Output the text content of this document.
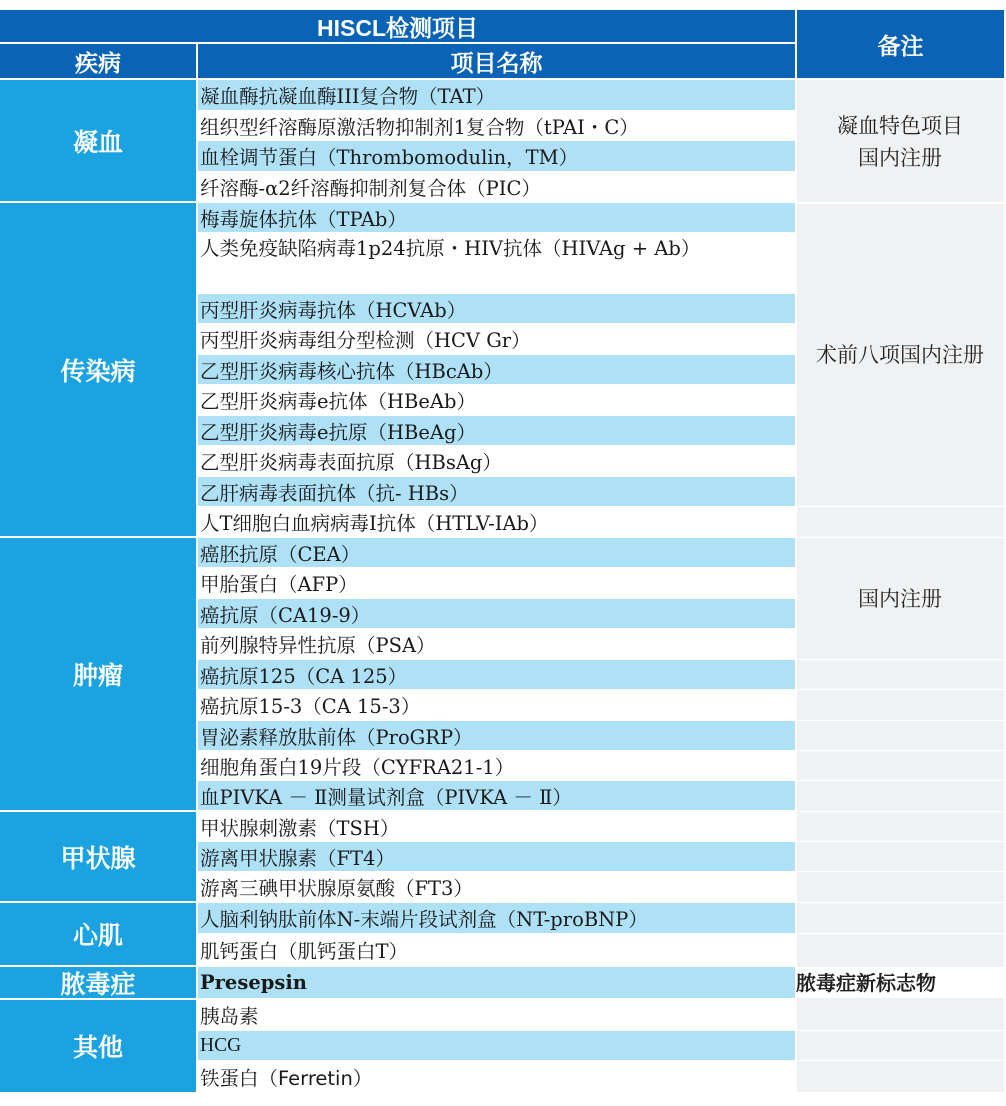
HISCL检测项目
疾病	项目名称
备注
凝血
传染病
肿瘤
甲状腺
心肌
脓毒症
其他
凝血酶抗凝血酶III复合物（TAT）
组织型纤溶酶原激活物抑制剂1复合物（tPAI・C）
血栓调节蛋白（Thrombomodulin，TM）
纤溶酶-α2纤溶酶抑制剂复合体（PIC）
梅毒旋体抗体（TPAb）
人类免疫缺陷病毒1p24抗原・HIV抗体（HIVAg + Ab）
丙型肝炎病毒抗体（HCVAb）
丙型肝炎病毒组分型检测（HCV Gr）
乙型肝炎病毒核心抗体（HBcAb）
乙型肝炎病毒e抗体（HBeAb）
乙型肝炎病毒e抗原（HBeAg）
乙型肝炎病毒表面抗原（HBsAg）
乙肝病毒表面抗体（抗- HBs）
人T细胞白血病病毒I抗体（HTLV-IAb）
癌胚抗原（CEA）
甲胎蛋白（AFP）
癌抗原（CA19-9）
前列腺特异性抗原（PSA）
癌抗原125（CA 125）
癌抗原15-3（CA 15-3）
胃泌素释放肽前体（ProGRP）
细胞角蛋白19片段（CYFRA21-1）
血PIVKA － Ⅱ测量试剂盒（PIVKA － Ⅱ）
甲状腺刺激素（TSH）
游离甲状腺素（FT4）
游离三碘甲状腺原氨酸（FT3）
人脑利钠肽前体N-末端片段试剂盒（NT-proBNP）
肌钙蛋白（肌钙蛋白T）
Presepsin
胰岛素
HCG
铁蛋白（Ferretin）
凝血特色项目
国内注册
术前八项国内注册
国内注册
脓毒症新标志物
